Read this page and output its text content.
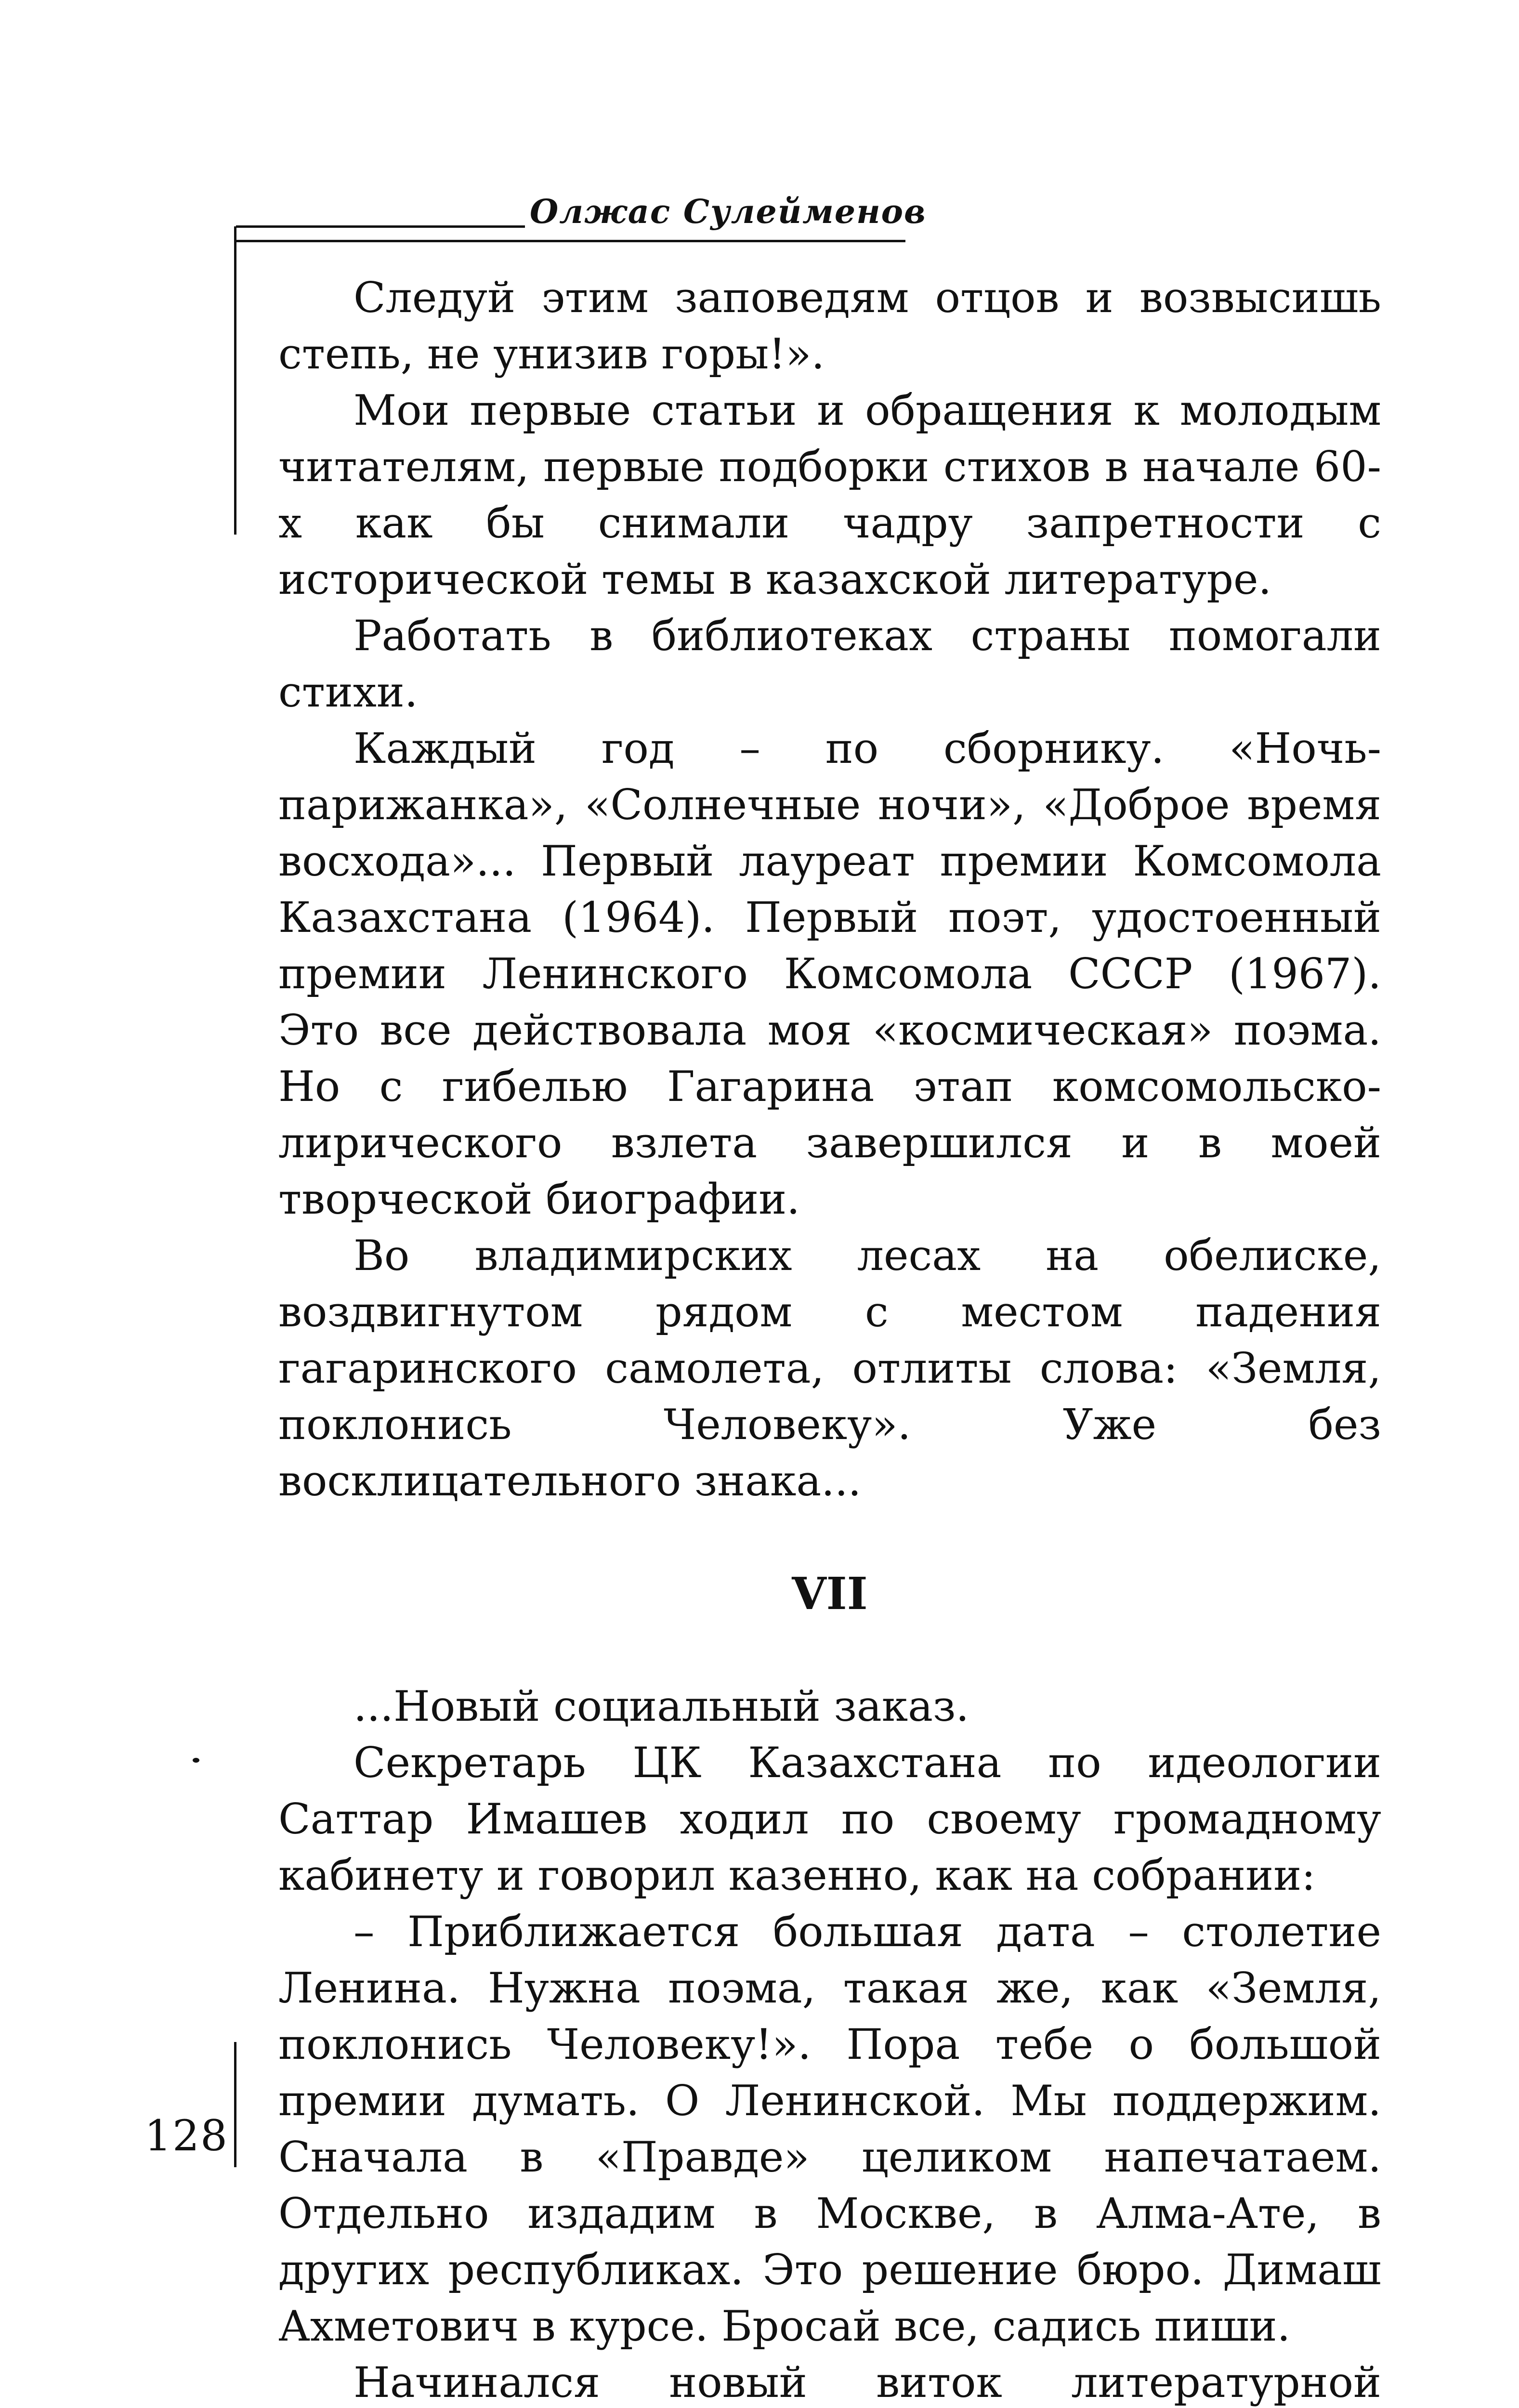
Олжас Сулейменов
128

Следуй этим заповедям отцов и возвысишь степь, не унизив горы!».

Мои первые статьи и обращения к молодым читателям, первые подборки стихов в начале 60-х как бы снимали чадру запретности с исторической темы в казахской литературе.

Работать в библиотеках страны помогали стихи.

Каждый год – по сборнику. «Ночь-парижанка», «Солнечные ночи», «Доброе время восхода»... Первый лауреат премии Комсомола Казахстана (1964). Первый поэт, удостоенный премии Ленинского Комсомола СССР (1967). Это все действовала моя «космическая» поэма. Но с гибелью Гагарина этап комсомольско-лирического взлета завершился и в моей творческой биографии.

Во владимирских лесах на обелиске, воздвигнутом рядом с местом падения гагаринского самолета, отлиты слова: «Земля, поклонись Человеку». Уже без восклицательного знака...

VII

...Новый социальный заказ.

Секретарь ЦК Казахстана по идеологии Саттар Имашев ходил по своему громадному кабинету и говорил казенно, как на собрании:

– Приближается большая дата – столетие Ленина. Нужна поэма, такая же, как «Земля, поклонись Человеку!». Пора тебе о большой премии думать. О Ленинской. Мы поддержим. Сначала в «Правде» целиком напечатаем. Отдельно издадим в Москве, в Алма-Ате, в других республиках. Это решение бюро. Димаш Ахметович в курсе. Бросай все, садись пиши.

Начинался новый виток литературной
